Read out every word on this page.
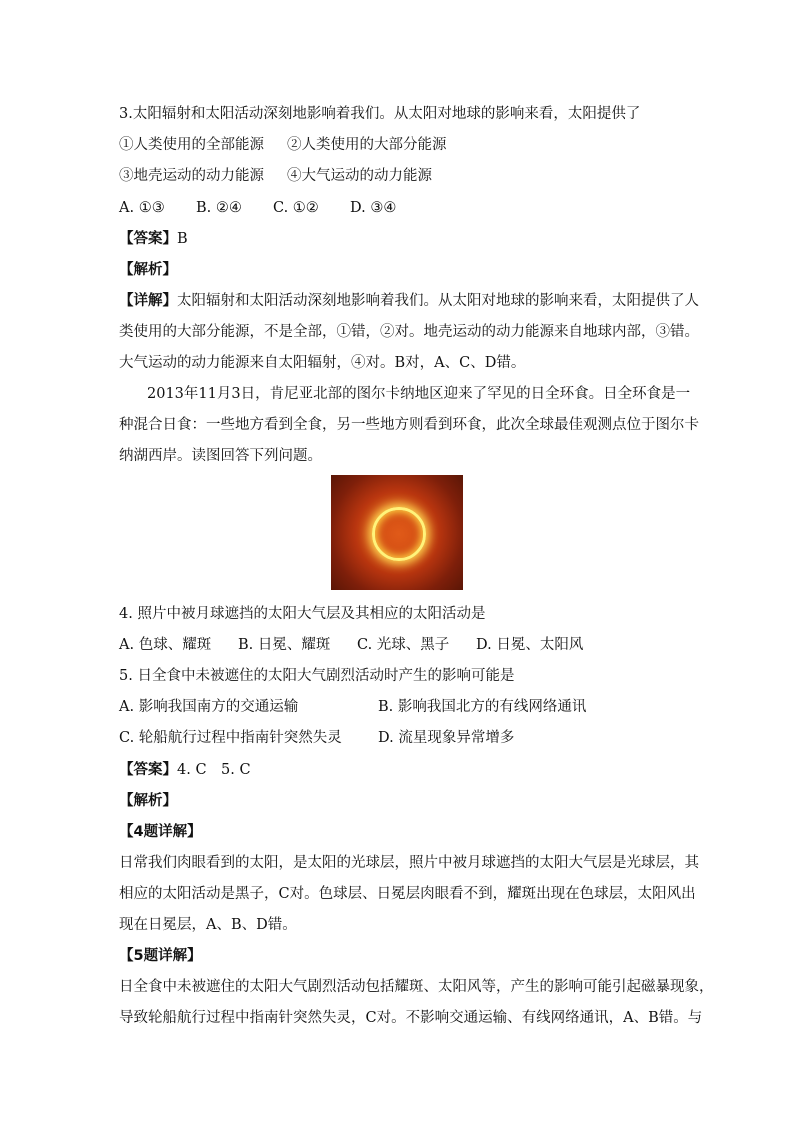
3.太阳辐射和太阳活动深刻地影响着我们。从太阳对地球的影响来看，太阳提供了
①人类使用的全部能源 ②人类使用的大部分能源
③地壳运动的动力能源 ④大气运动的动力能源
A. ①③ B. ②④ C. ①② D. ③④
【答案】B
【解析】
【详解】太阳辐射和太阳活动深刻地影响着我们。从太阳对地球的影响来看，太阳提供了人
类使用的大部分能源，不是全部，①错，②对。地壳运动的动力能源来自地球内部，③错。
大气运动的动力能源来自太阳辐射，④对。B对，A、C、D错。
2013年11月3日，肯尼亚北部的图尔卡纳地区迎来了罕见的日全环食。日全环食是一
种混合日食：一些地方看到全食，另一些地方则看到环食，此次全球最佳观测点位于图尔卡
纳湖西岸。读图回答下列问题。
4. 照片中被月球遮挡的太阳大气层及其相应的太阳活动是
A. 色球、耀斑 B. 日冕、耀斑 C. 光球、黑子 D. 日冕、太阳风
5. 日全食中未被遮住的太阳大气剧烈活动时产生的影响可能是
A. 影响我国南方的交通运输	B. 影响我国北方的有线网络通讯
C. 轮船航行过程中指南针突然失灵 D. 流星现象异常增多
【答案】4. C 5. C
【解析】
【4题详解】
日常我们肉眼看到的太阳，是太阳的光球层，照片中被月球遮挡的太阳大气层是光球层，其
相应的太阳活动是黑子，C对。色球层、日冕层肉眼看不到，耀斑出现在色球层，太阳风出
现在日冕层，A、B、D错。
【5题详解】
日全食中未被遮住的太阳大气剧烈活动包括耀斑、太阳风等，产生的影响可能引起磁暴现象，
导致轮船航行过程中指南针突然失灵，C对。不影响交通运输、有线网络通讯，A、B错。与
